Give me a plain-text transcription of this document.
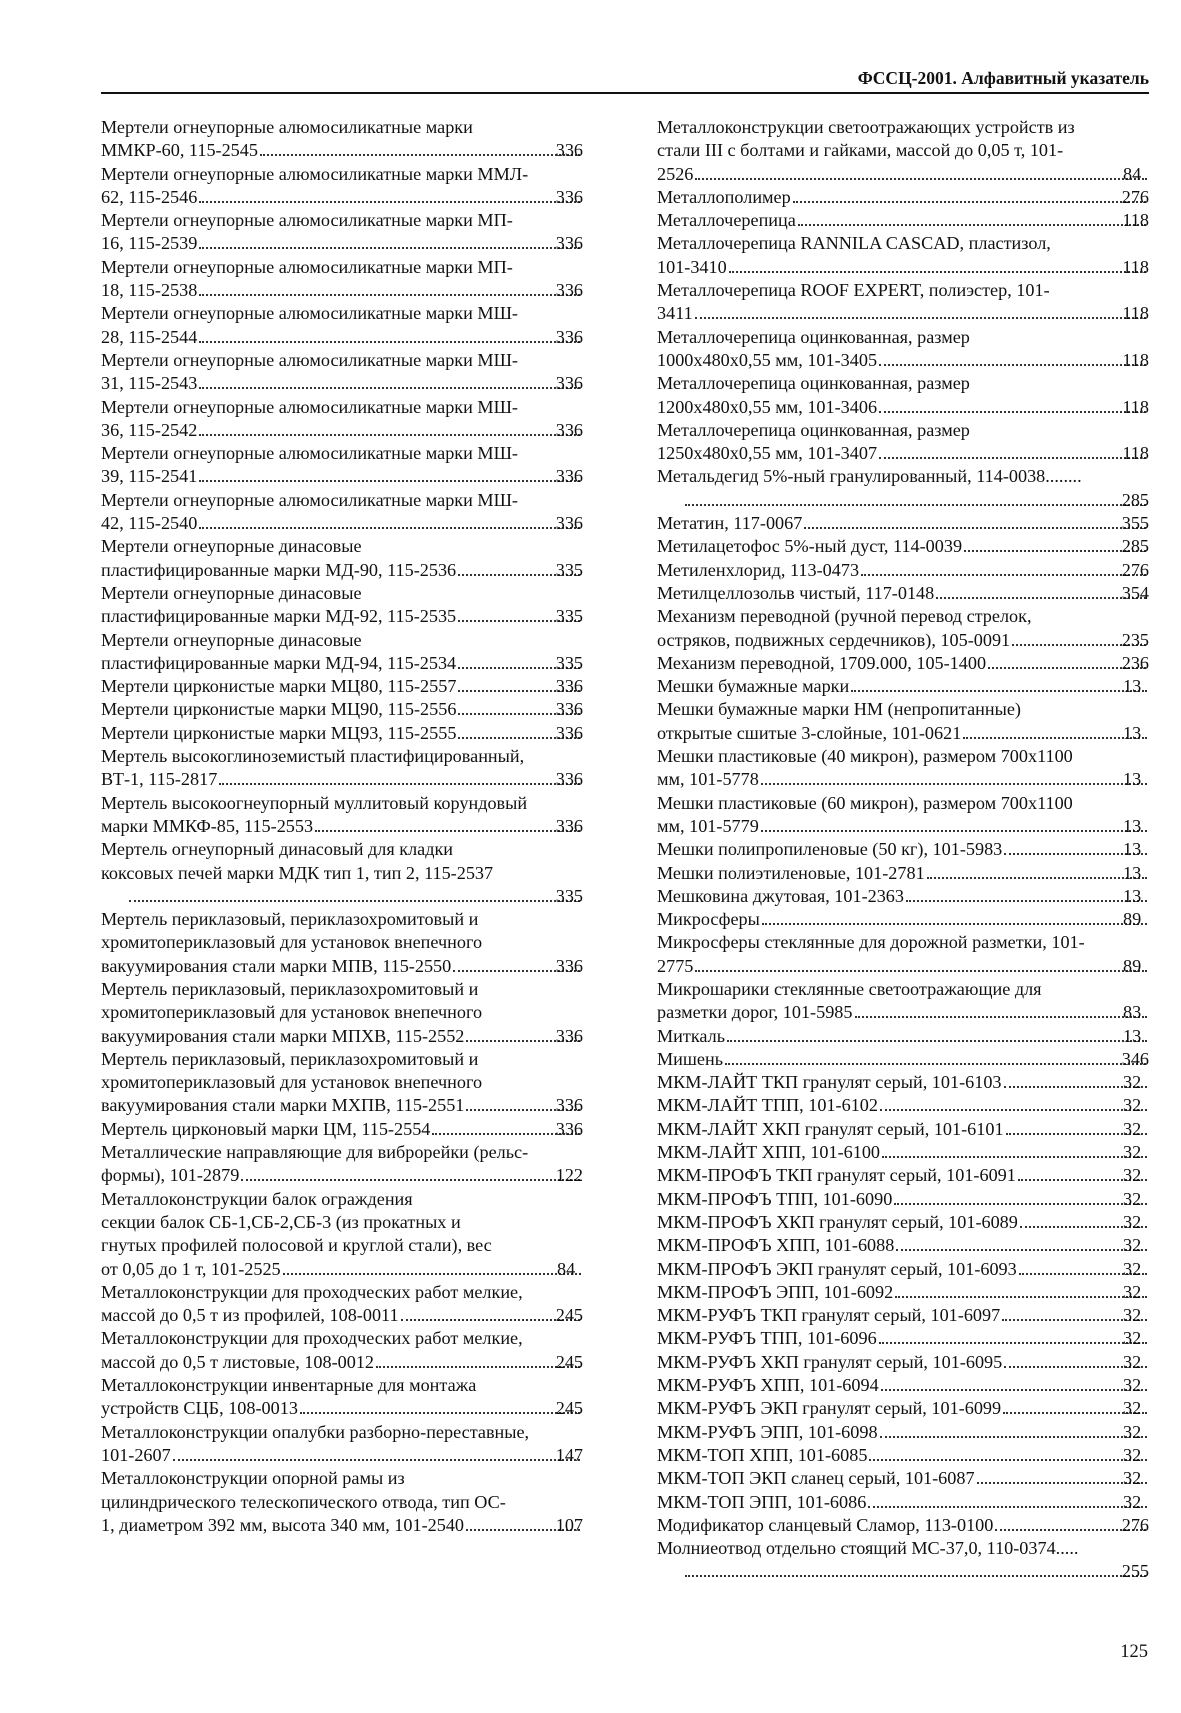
ФССЦ-2001. Алфавитный указатель
Мертели огнеупорные алюмосиликатные марки
ММКР-60, 115-2545	336
Мертели огнеупорные алюмосиликатные марки ММЛ-
62, 115-2546	336
Мертели огнеупорные алюмосиликатные марки МП-
16, 115-2539	336
Мертели огнеупорные алюмосиликатные марки МП-
18, 115-2538	336
Мертели огнеупорные алюмосиликатные марки МШ-
28, 115-2544	336
Мертели огнеупорные алюмосиликатные марки МШ-
31, 115-2543	336
Мертели огнеупорные алюмосиликатные марки МШ-
36, 115-2542	336
Мертели огнеупорные алюмосиликатные марки МШ-
39, 115-2541	336
Мертели огнеупорные алюмосиликатные марки МШ-
42, 115-2540	336
Мертели огнеупорные динасовые
пластифицированные марки МД-90, 115-2536	335
Мертели огнеупорные динасовые
пластифицированные марки МД-92, 115-2535	335
Мертели огнеупорные динасовые
пластифицированные марки МД-94, 115-2534	335
Мертели цирконистые марки МЦ80, 115-2557	336
Мертели цирконистые марки МЦ90, 115-2556	336
Мертели цирконистые марки МЦ93, 115-2555	336
Мертель высокоглиноземистый пластифицированный,
ВТ-1, 115-2817	336
Мертель высокоогнеупорный муллитовый корундовый
марки ММКФ-85, 115-2553	336
Мертель огнеупорный динасовый для кладки
коксовых печей марки МДК тип 1, тип 2, 115-2537
335
Мертель периклазовый, периклазохромитовый и
хромитопериклазовый для установок внепечного
вакуумирования стали марки МПВ, 115-2550	336
Мертель периклазовый, периклазохромитовый и
хромитопериклазовый для установок внепечного
вакуумирования стали марки МПХВ, 115-2552	336
Мертель периклазовый, периклазохромитовый и
хромитопериклазовый для установок внепечного
вакуумирования стали марки МХПВ, 115-2551	336
Мертель цирконовый марки ЦМ, 115-2554	336
Металлические направляющие для виброрейки (рельс-
формы), 101-2879	122
Металлоконструкции балок ограждения
секции балок СБ-1,СБ-2,СБ-3 (из прокатных и
гнутых профилей полосовой и круглой стали), вес
от 0,05 до 1 т, 101-2525	84
Металлоконструкции для проходческих работ мелкие,
массой до 0,5 т из профилей, 108-0011	245
Металлоконструкции для проходческих работ мелкие,
массой до 0,5 т листовые, 108-0012	245
Металлоконструкции инвентарные для монтажа
устройств СЦБ, 108-0013	245
Металлоконструкции опалубки разборно-переставные,
101-2607	147
Металлоконструкции опорной рамы из
цилиндрического телескопического отвода, тип ОС-
1, диаметром 392 мм, высота 340 мм, 101-2540	107
Металлоконструкции светоотражающих устройств из
стали III с болтами и гайками, массой до 0,05 т, 101-
2526	84
Металлополимер	276
Металлочерепица	118
Металлочерепица RANNILA CASCAD, пластизол,
101-3410	118
Металлочерепица ROOF EXPERT, полиэстер, 101-
3411	118
Металлочерепица оцинкованная, размер
1000х480х0,55 мм, 101-3405	118
Металлочерепица оцинкованная, размер
1200х480х0,55 мм, 101-3406	118
Металлочерепица оцинкованная, размер
1250х480х0,55 мм, 101-3407	118
Метальдегид 5%-ный гранулированный, 114-0038........
285
Метатин, 117-0067	355
Метилацетофос 5%-ный дуст, 114-0039	285
Метиленхлорид, 113-0473	276
Метилцеллозольв чистый, 117-0148	354
Механизм переводной (ручной перевод стрелок,
остряков, подвижных сердечников), 105-0091	235
Механизм переводной, 1709.000, 105-1400	236
Мешки бумажные марки	13
Мешки бумажные марки НМ (непропитанные)
открытые сшитые 3-слойные, 101-0621	13
Мешки пластиковые (40 микрон), размером 700х1100
мм, 101-5778	13
Мешки пластиковые (60 микрон), размером 700х1100
мм, 101-5779	13
Мешки полипропиленовые (50 кг), 101-5983	13
Мешки полиэтиленовые, 101-2781	13
Мешковина джутовая, 101-2363	13
Микросферы	89
Микросферы стеклянные для дорожной разметки, 101-
2775	89
Микрошарики стеклянные светоотражающие для
разметки дорог, 101-5985	83
Миткаль	13
Мишень	346
МКМ-ЛАЙТ ТКП гранулят серый, 101-6103	32
МКМ-ЛАЙТ ТПП, 101-6102	32
МКМ-ЛАЙТ ХКП гранулят серый, 101-6101	32
МКМ-ЛАЙТ ХПП, 101-6100	32
МКМ-ПРОФЪ ТКП гранулят серый, 101-6091	32
МКМ-ПРОФЪ ТПП, 101-6090	32
МКМ-ПРОФЪ ХКП гранулят серый, 101-6089	32
МКМ-ПРОФЪ ХПП, 101-6088	32
МКМ-ПРОФЪ ЭКП гранулят серый, 101-6093	32
МКМ-ПРОФЪ ЭПП, 101-6092	32
МКМ-РУФЪ ТКП гранулят серый, 101-6097	32
МКМ-РУФЪ ТПП, 101-6096	32
МКМ-РУФЪ ХКП гранулят серый, 101-6095	32
МКМ-РУФЪ ХПП, 101-6094	32
МКМ-РУФЪ ЭКП гранулят серый, 101-6099	32
МКМ-РУФЪ ЭПП, 101-6098	32
МКМ-ТОП ХПП, 101-6085	32
МКМ-ТОП ЭКП сланец серый, 101-6087	32
МКМ-ТОП ЭПП, 101-6086	32
Модификатор сланцевый Сламор, 113-0100	276
Молниеотвод отдельно стоящий МС-37,0, 110-0374.....
255
125
